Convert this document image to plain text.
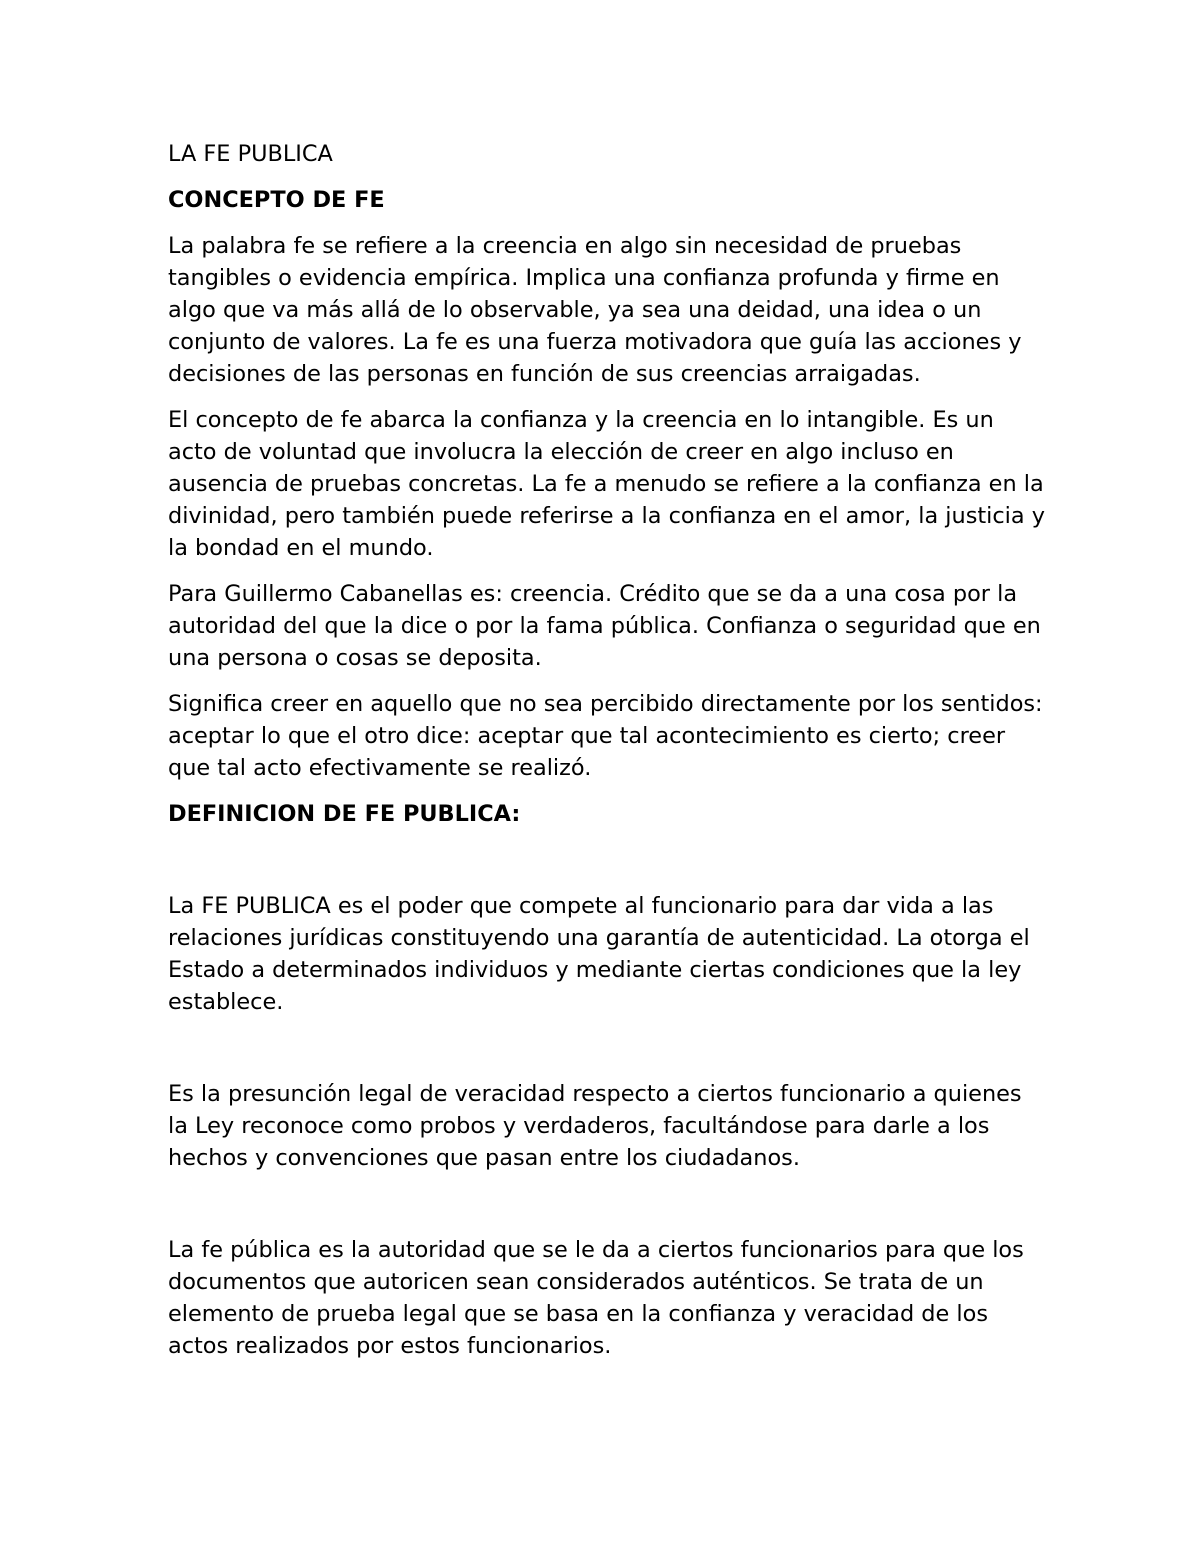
LA FE PUBLICA

CONCEPTO DE FE

La palabra fe se refiere a la creencia en algo sin necesidad de pruebas tangibles o evidencia empírica. Implica una confianza profunda y firme en algo que va más allá de lo observable, ya sea una deidad, una idea o un conjunto de valores. La fe es una fuerza motivadora que guía las acciones y decisiones de las personas en función de sus creencias arraigadas.

El concepto de fe abarca la confianza y la creencia en lo intangible. Es un acto de voluntad que involucra la elección de creer en algo incluso en ausencia de pruebas concretas. La fe a menudo se refiere a la confianza en la divinidad, pero también puede referirse a la confianza en el amor, la justicia y la bondad en el mundo.

Para Guillermo Cabanellas es: creencia. Crédito que se da a una cosa por la autoridad del que la dice o por la fama pública. Confianza o seguridad que en una persona o cosas se deposita.

Significa creer en aquello que no sea percibido directamente por los sentidos: aceptar lo que el otro dice: aceptar que tal acontecimiento es cierto; creer que tal acto efectivamente se realizó.

DEFINICION DE FE PUBLICA:

La FE PUBLICA es el poder que compete al funcionario para dar vida a las relaciones jurídicas constituyendo una garantía de autenticidad. La otorga el Estado a determinados individuos y mediante ciertas condiciones que la ley establece.

Es la presunción legal de veracidad respecto a ciertos funcionario a quienes la Ley reconoce como probos y verdaderos, facultándose para darle a los hechos y convenciones que pasan entre los ciudadanos.

La fe pública es la autoridad que se le da a ciertos funcionarios para que los documentos que autoricen sean considerados auténticos. Se trata de un elemento de prueba legal que se basa en la confianza y veracidad de los actos realizados por estos funcionarios.
